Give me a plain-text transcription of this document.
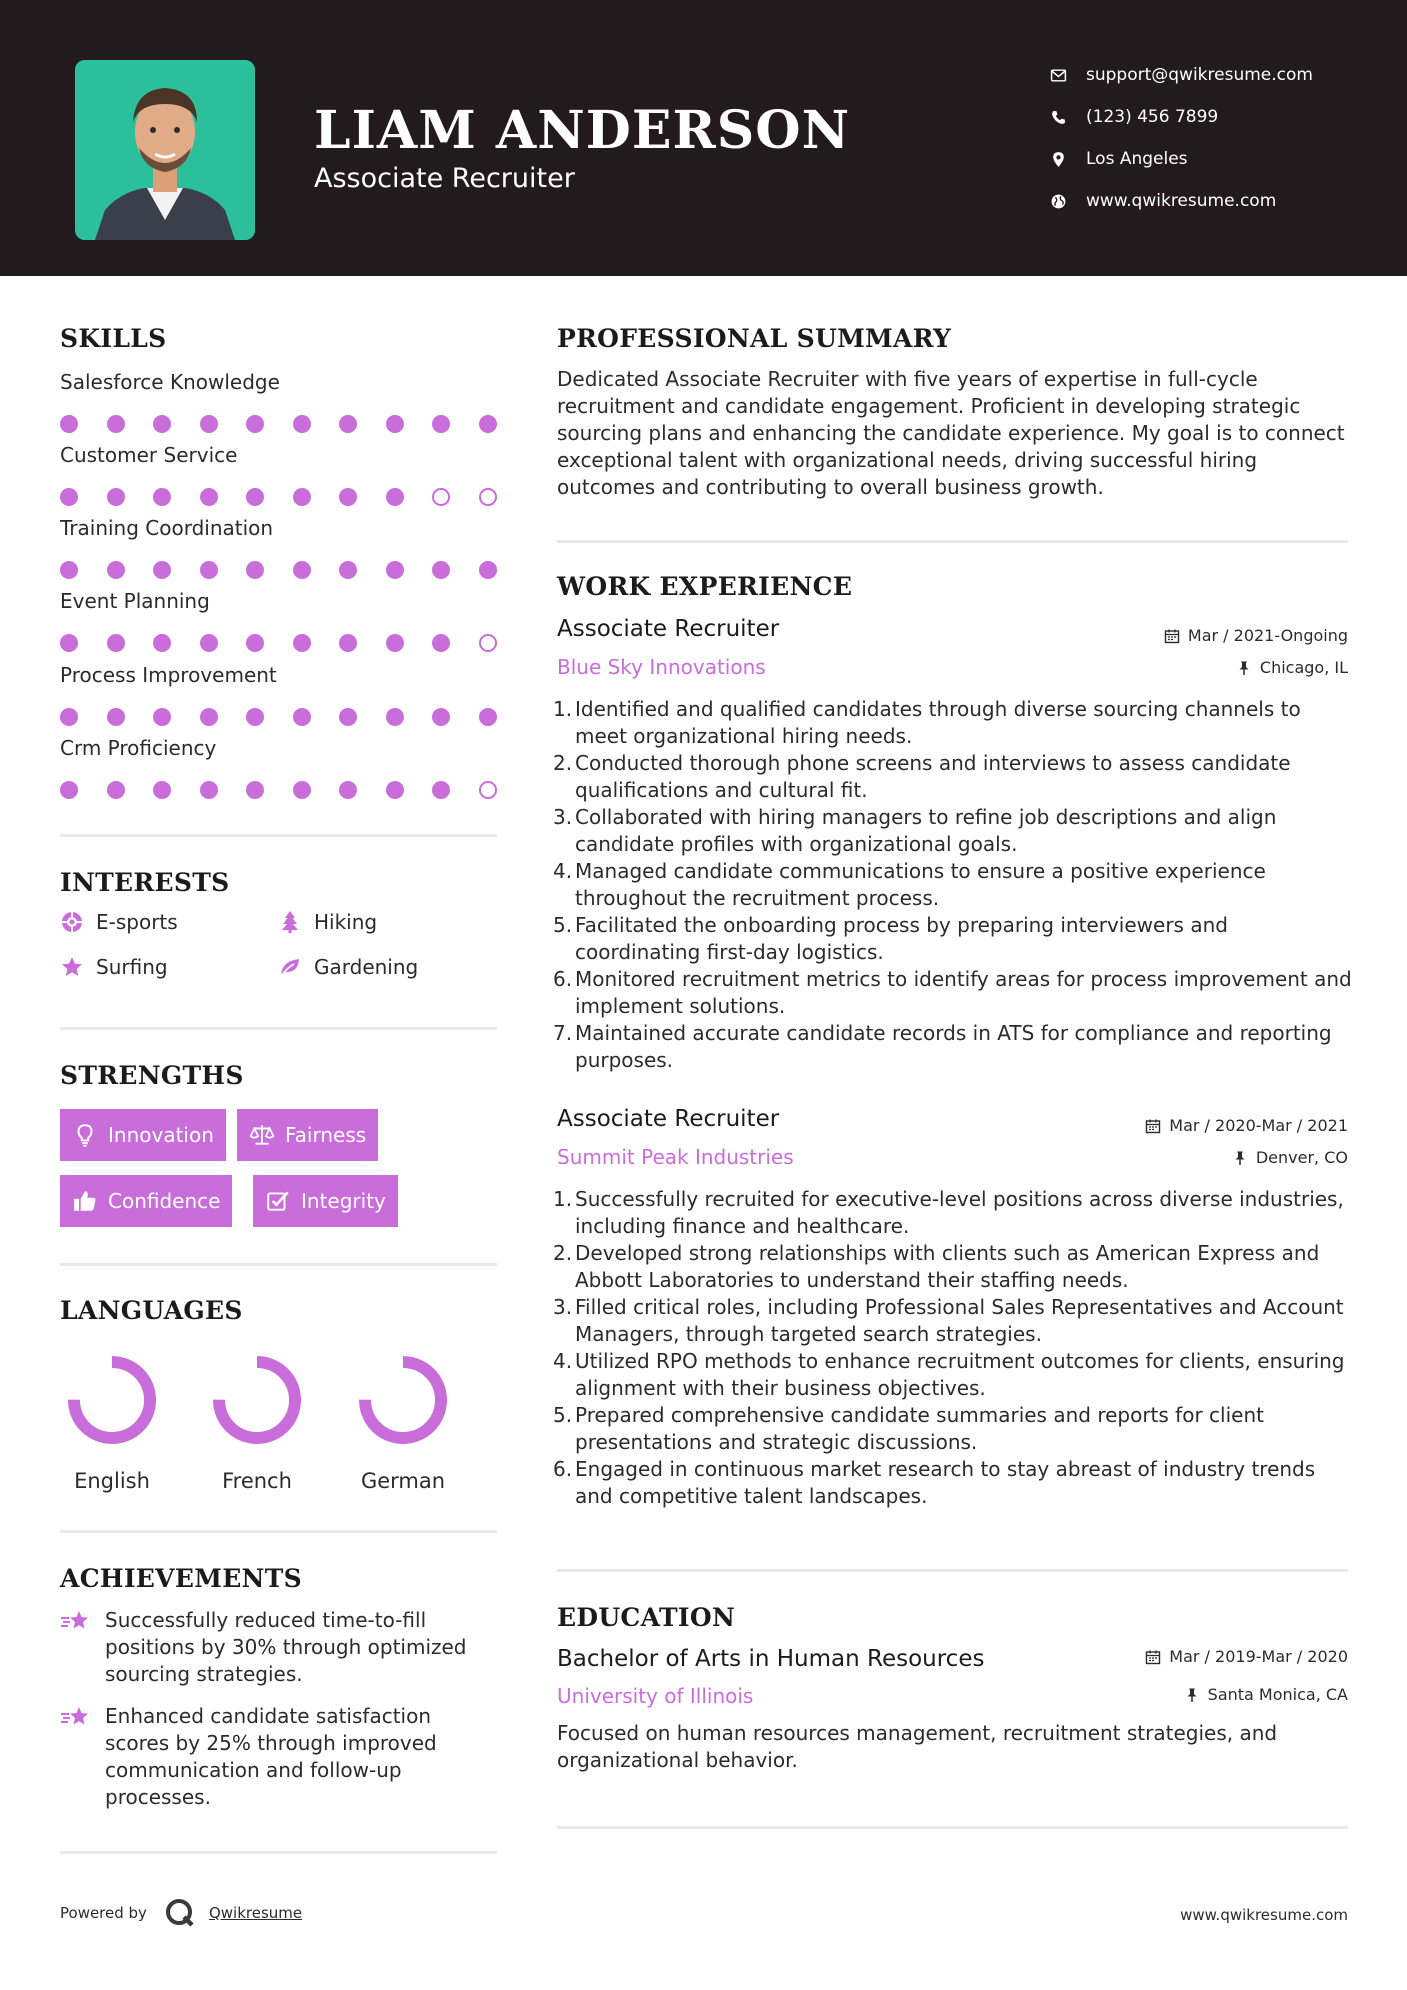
LIAM ANDERSON
Associate Recruiter
support@qwikresume.com
(123) 456 7899
Los Angeles
www.qwikresume.com
SKILLS
Salesforce Knowledge
Customer Service
Training Coordination
Event Planning
Process Improvement
Crm Proficiency
INTERESTS
E-sports	Hiking
Surfing	Gardening
STRENGTHS
Innovation	Fairness
Confidence	Integrity
LANGUAGES
English	French	German
ACHIEVEMENTS
Successfully reduced time-to-fill positions by 30% through optimized sourcing strategies.
Enhanced candidate satisfaction scores by 25% through improved communication and follow-up processes.
PROFESSIONAL SUMMARY
Dedicated Associate Recruiter with five years of expertise in full-cycle recruitment and candidate engagement. Proficient in developing strategic sourcing plans and enhancing the candidate experience. My goal is to connect exceptional talent with organizational needs, driving successful hiring outcomes and contributing to overall business growth.
WORK EXPERIENCE
Associate Recruiter	Mar / 2021-Ongoing
Blue Sky Innovations	Chicago, IL
Identified and qualified candidates through diverse sourcing channels to meet organizational hiring needs.
Conducted thorough phone screens and interviews to assess candidate qualifications and cultural fit.
Collaborated with hiring managers to refine job descriptions and align candidate profiles with organizational goals.
Managed candidate communications to ensure a positive experience throughout the recruitment process.
Facilitated the onboarding process by preparing interviewers and coordinating first-day logistics.
Monitored recruitment metrics to identify areas for process improvement and implement solutions.
Maintained accurate candidate records in ATS for compliance and reporting purposes.
Associate Recruiter	Mar / 2020-Mar / 2021
Summit Peak Industries	Denver, CO
Successfully recruited for executive-level positions across diverse industries, including finance and healthcare.
Developed strong relationships with clients such as American Express and Abbott Laboratories to understand their staffing needs.
Filled critical roles, including Professional Sales Representatives and Account Managers, through targeted search strategies.
Utilized RPO methods to enhance recruitment outcomes for clients, ensuring alignment with their business objectives.
Prepared comprehensive candidate summaries and reports for client presentations and strategic discussions.
Engaged in continuous market research to stay abreast of industry trends and competitive talent landscapes.
EDUCATION
Bachelor of Arts in Human Resources	Mar / 2019-Mar / 2020
University of Illinois	Santa Monica, CA
Focused on human resources management, recruitment strategies, and organizational behavior.
Powered by	Qwikresume	www.qwikresume.com
